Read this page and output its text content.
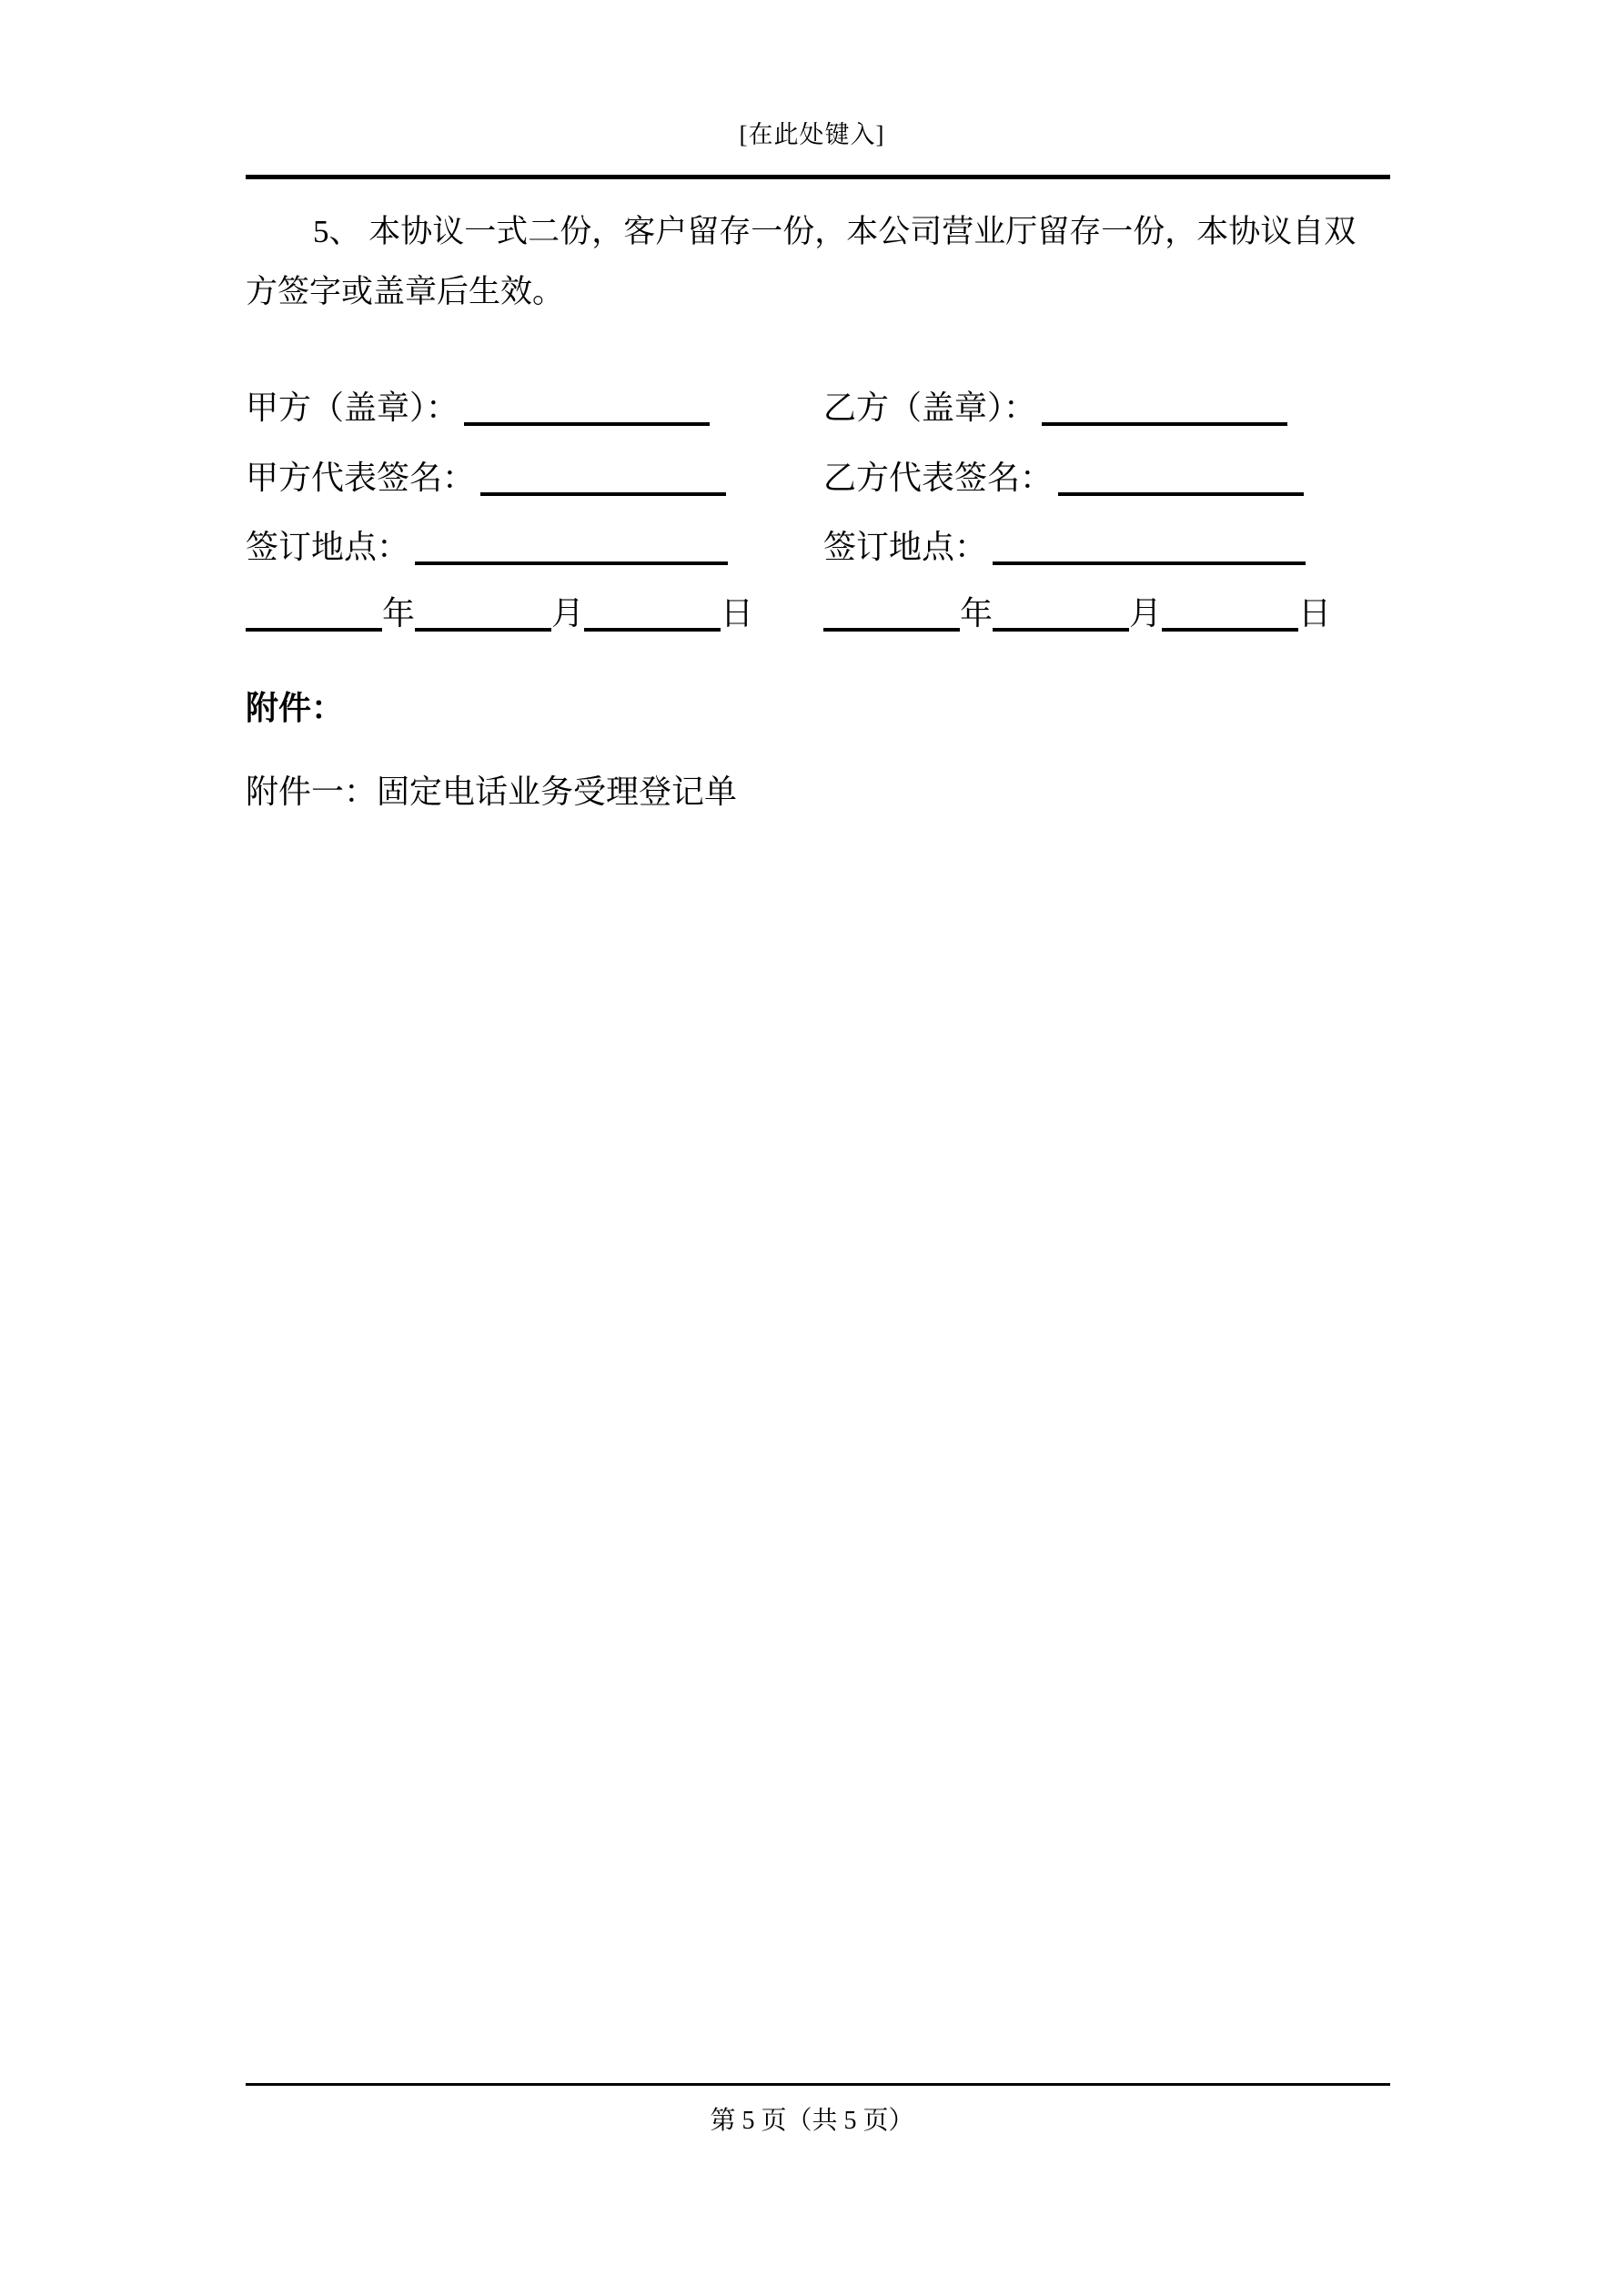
[在此处键入]
5、 本协议一式二份，客户留存一份，本公司营业厅留存一份，本协议自双
方签字或盖章后生效。
甲方（盖章）：	乙方（盖章）：
甲方代表签名：	乙方代表签名：
签订地点：	签订地点：
年	月	日	年	月	日
附件：
附件一：固定电话业务受理登记单
第 5 页（共 5 页）
